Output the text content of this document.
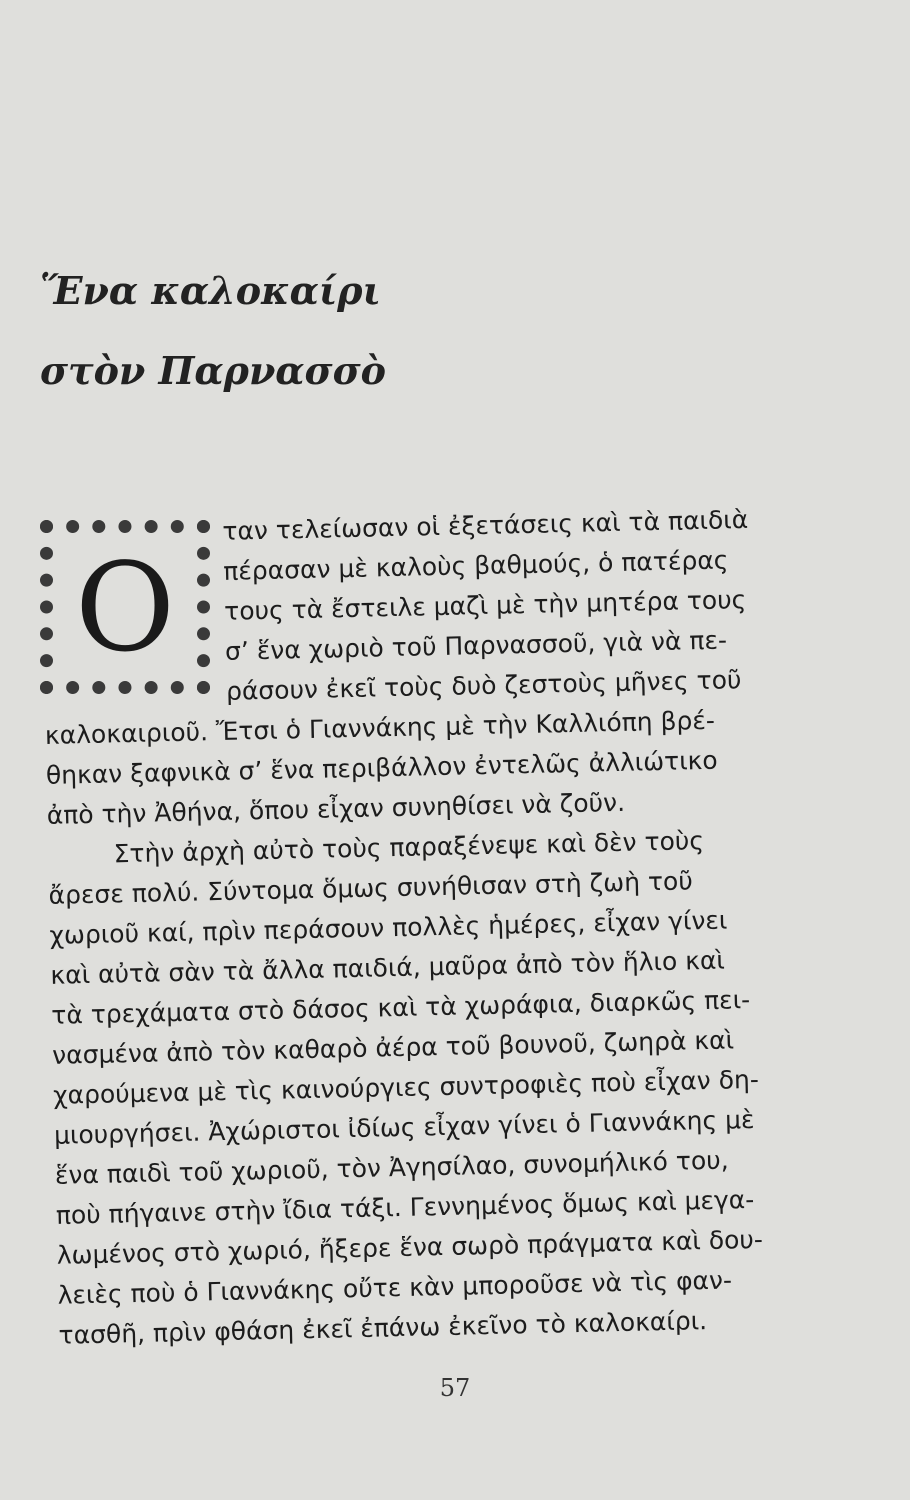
Ἕνα καλοκαίρι
στὸν Παρνασσὸ
ταν τελείωσαν οἱ ἐξετάσεις καὶ τὰ παιδιὰ
πέρασαν μὲ καλοὺς βαθμούς, ὁ πατέρας
τους τὰ ἔστειλε μαζὶ μὲ τὴν μητέρα τους
σ’ ἕνα χωριὸ τοῦ Παρνασσοῦ, γιὰ νὰ πε-
ράσουν ἐκεῖ τοὺς δυὸ ζεστοὺς μῆνες τοῦ
καλοκαιριοῦ. Ἔτσι ὁ Γιαννάκης μὲ τὴν Καλλιόπη βρέ-
θηκαν ξαφνικὰ σ’ ἕνα περιβάλλον ἐντελῶς ἀλλιώτικο
ἀπὸ τὴν Ἀθήνα, ὅπου εἶχαν συνηθίσει νὰ ζοῦν.
Στὴν ἀρχὴ αὐτὸ τοὺς παραξένεψε καὶ δὲν τοὺς
ἄρεσε πολύ. Σύντομα ὅμως συνήθισαν στὴ ζωὴ τοῦ
χωριοῦ καί, πρὶν περάσουν πολλὲς ἡμέρες, εἶχαν γίνει
καὶ αὐτὰ σὰν τὰ ἄλλα παιδιά, μαῦρα ἀπὸ τὸν ἥλιο καὶ
τὰ τρεχάματα στὸ δάσος καὶ τὰ χωράφια, διαρκῶς πει-
νασμένα ἀπὸ τὸν καθαρὸ ἀέρα τοῦ βουνοῦ, ζωηρὰ καὶ
χαρούμενα μὲ τὶς καινούργιες συντροφιὲς ποὺ εἶχαν δη-
μιουργήσει. Ἀχώριστοι ἰδίως εἶχαν γίνει ὁ Γιαννάκης μὲ
ἕνα παιδὶ τοῦ χωριοῦ, τὸν Ἀγησίλαο, συνομήλικό του,
ποὺ πήγαινε στὴν ἴδια τάξι. Γεννημένος ὅμως καὶ μεγα-
λωμένος στὸ χωριό, ἤξερε ἕνα σωρὸ πράγματα καὶ δου-
λειὲς ποὺ ὁ Γιαννάκης οὔτε κὰν μποροῦσε νὰ τὶς φαν-
τασθῆ, πρὶν φθάση ἐκεῖ ἐπάνω ἐκεῖνο τὸ καλοκαίρι.
Ο
57
